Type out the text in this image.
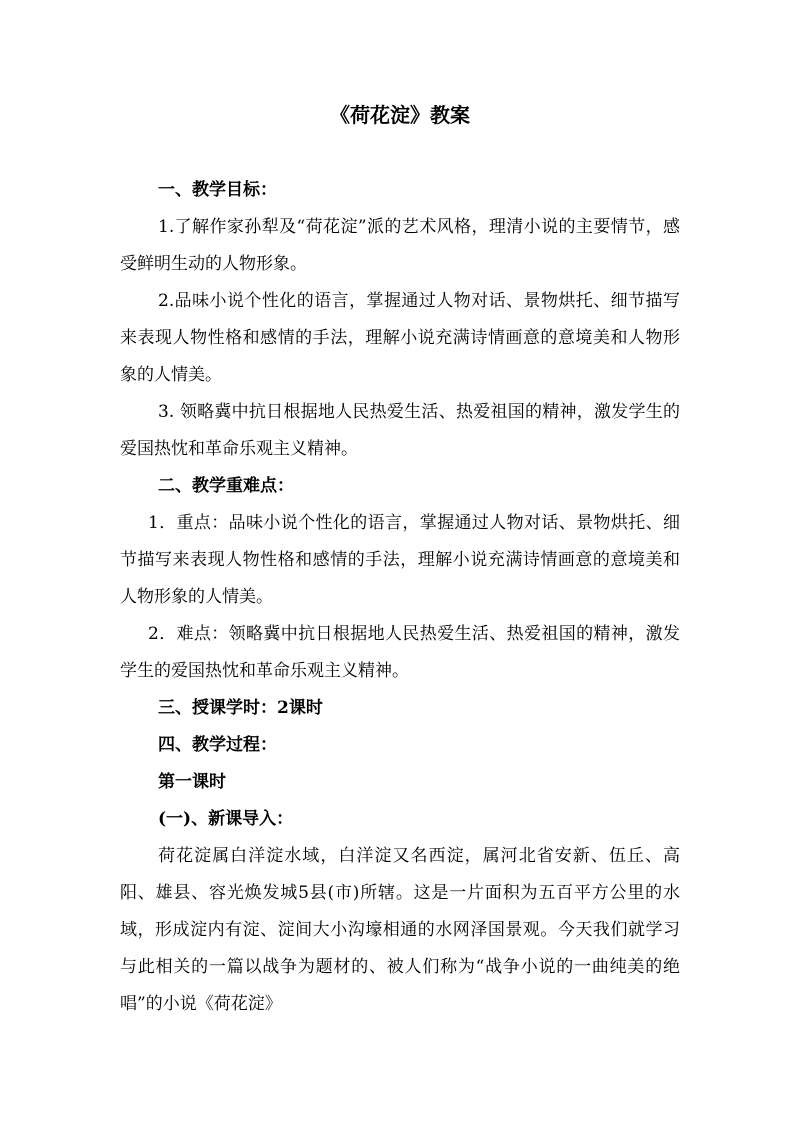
《荷花淀》教案

一、教学目标：

1.了解作家孙犁及“荷花淀”派的艺术风格，理清小说的主要情节，感受鲜明生动的人物形象。

2.品味小说个性化的语言，掌握通过人物对话、景物烘托、细节描写来表现人物性格和感情的手法，理解小说充满诗情画意的意境美和人物形象的人情美。

3. 领略冀中抗日根据地人民热爱生活、热爱祖国的精神，激发学生的爱国热忱和革命乐观主义精神。

二、教学重难点：

1．重点：品味小说个性化的语言，掌握通过人物对话、景物烘托、细节描写来表现人物性格和感情的手法，理解小说充满诗情画意的意境美和人物形象的人情美。

2．难点：领略冀中抗日根据地人民热爱生活、热爱祖国的精神，激发学生的爱国热忱和革命乐观主义精神。

三、授课学时：2课时

四、教学过程：

第一课时

(一)、新课导入：

荷花淀属白洋淀水域，白洋淀又名西淀，属河北省安新、伍丘、高阳、雄县、容光焕发城5县(市)所辖。这是一片面积为五百平方公里的水域，形成淀内有淀、淀间大小沟壕相通的水网泽国景观。今天我们就学习与此相关的一篇以战争为题材的、被人们称为“战争小说的一曲纯美的绝唱”的小说《荷花淀》
